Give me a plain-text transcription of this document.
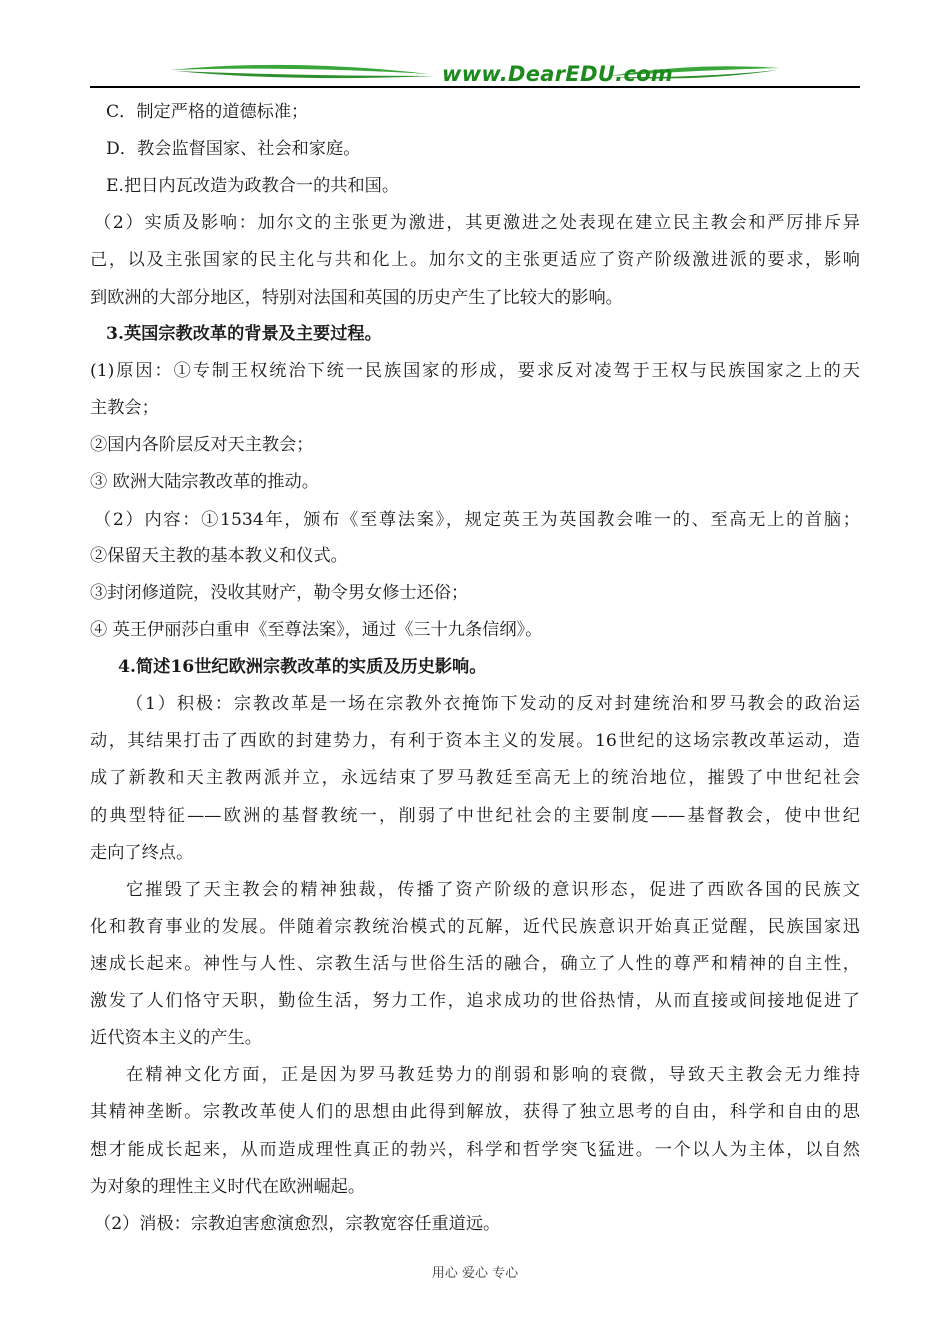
www.DearEDU.com
C．制定严格的道德标准；
D．教会监督国家、社会和家庭。
E.把日内瓦改造为政教合一的共和国。
（2）实质及影响：加尔文的主张更为激进，其更激进之处表现在建立民主教会和严厉排斥异
己，以及主张国家的民主化与共和化上。加尔文的主张更适应了资产阶级激进派的要求，影响
到欧洲的大部分地区，特别对法国和英国的历史产生了比较大的影响。
3.英国宗教改革的背景及主要过程。
(1)原因：①专制王权统治下统一民族国家的形成，要求反对凌驾于王权与民族国家之上的天
主教会；
②国内各阶层反对天主教会；
③ 欧洲大陆宗教改革的推动。
（2）内容：①1534年，颁布《至尊法案》，规定英王为英国教会唯一的、至高无上的首脑；
②保留天主教的基本教义和仪式。
③封闭修道院，没收其财产，勒令男女修士还俗；
④ 英王伊丽莎白重申《至尊法案》，通过《三十九条信纲》。
4.简述16世纪欧洲宗教改革的实质及历史影响。
（1）积极：宗教改革是一场在宗教外衣掩饰下发动的反对封建统治和罗马教会的政治运
动，其结果打击了西欧的封建势力，有利于资本主义的发展。16世纪的这场宗教改革运动，造
成了新教和天主教两派并立，永远结束了罗马教廷至高无上的统治地位，摧毁了中世纪社会
的典型特征——欧洲的基督教统一，削弱了中世纪社会的主要制度——基督教会，使中世纪
走向了终点。
它摧毁了天主教会的精神独裁，传播了资产阶级的意识形态，促进了西欧各国的民族文
化和教育事业的发展。伴随着宗教统治模式的瓦解，近代民族意识开始真正觉醒，民族国家迅
速成长起来。神性与人性、宗教生活与世俗生活的融合，确立了人性的尊严和精神的自主性，
激发了人们恪守天职，勤俭生活，努力工作，追求成功的世俗热情，从而直接或间接地促进了
近代资本主义的产生。
在精神文化方面，正是因为罗马教廷势力的削弱和影响的衰微，导致天主教会无力维持
其精神垄断。宗教改革使人们的思想由此得到解放，获得了独立思考的自由，科学和自由的思
想才能成长起来，从而造成理性真正的勃兴，科学和哲学突飞猛进。一个以人为主体，以自然
为对象的理性主义时代在欧洲崛起。
（2）消极：宗教迫害愈演愈烈，宗教宽容任重道远。
用心 爱心 专心
